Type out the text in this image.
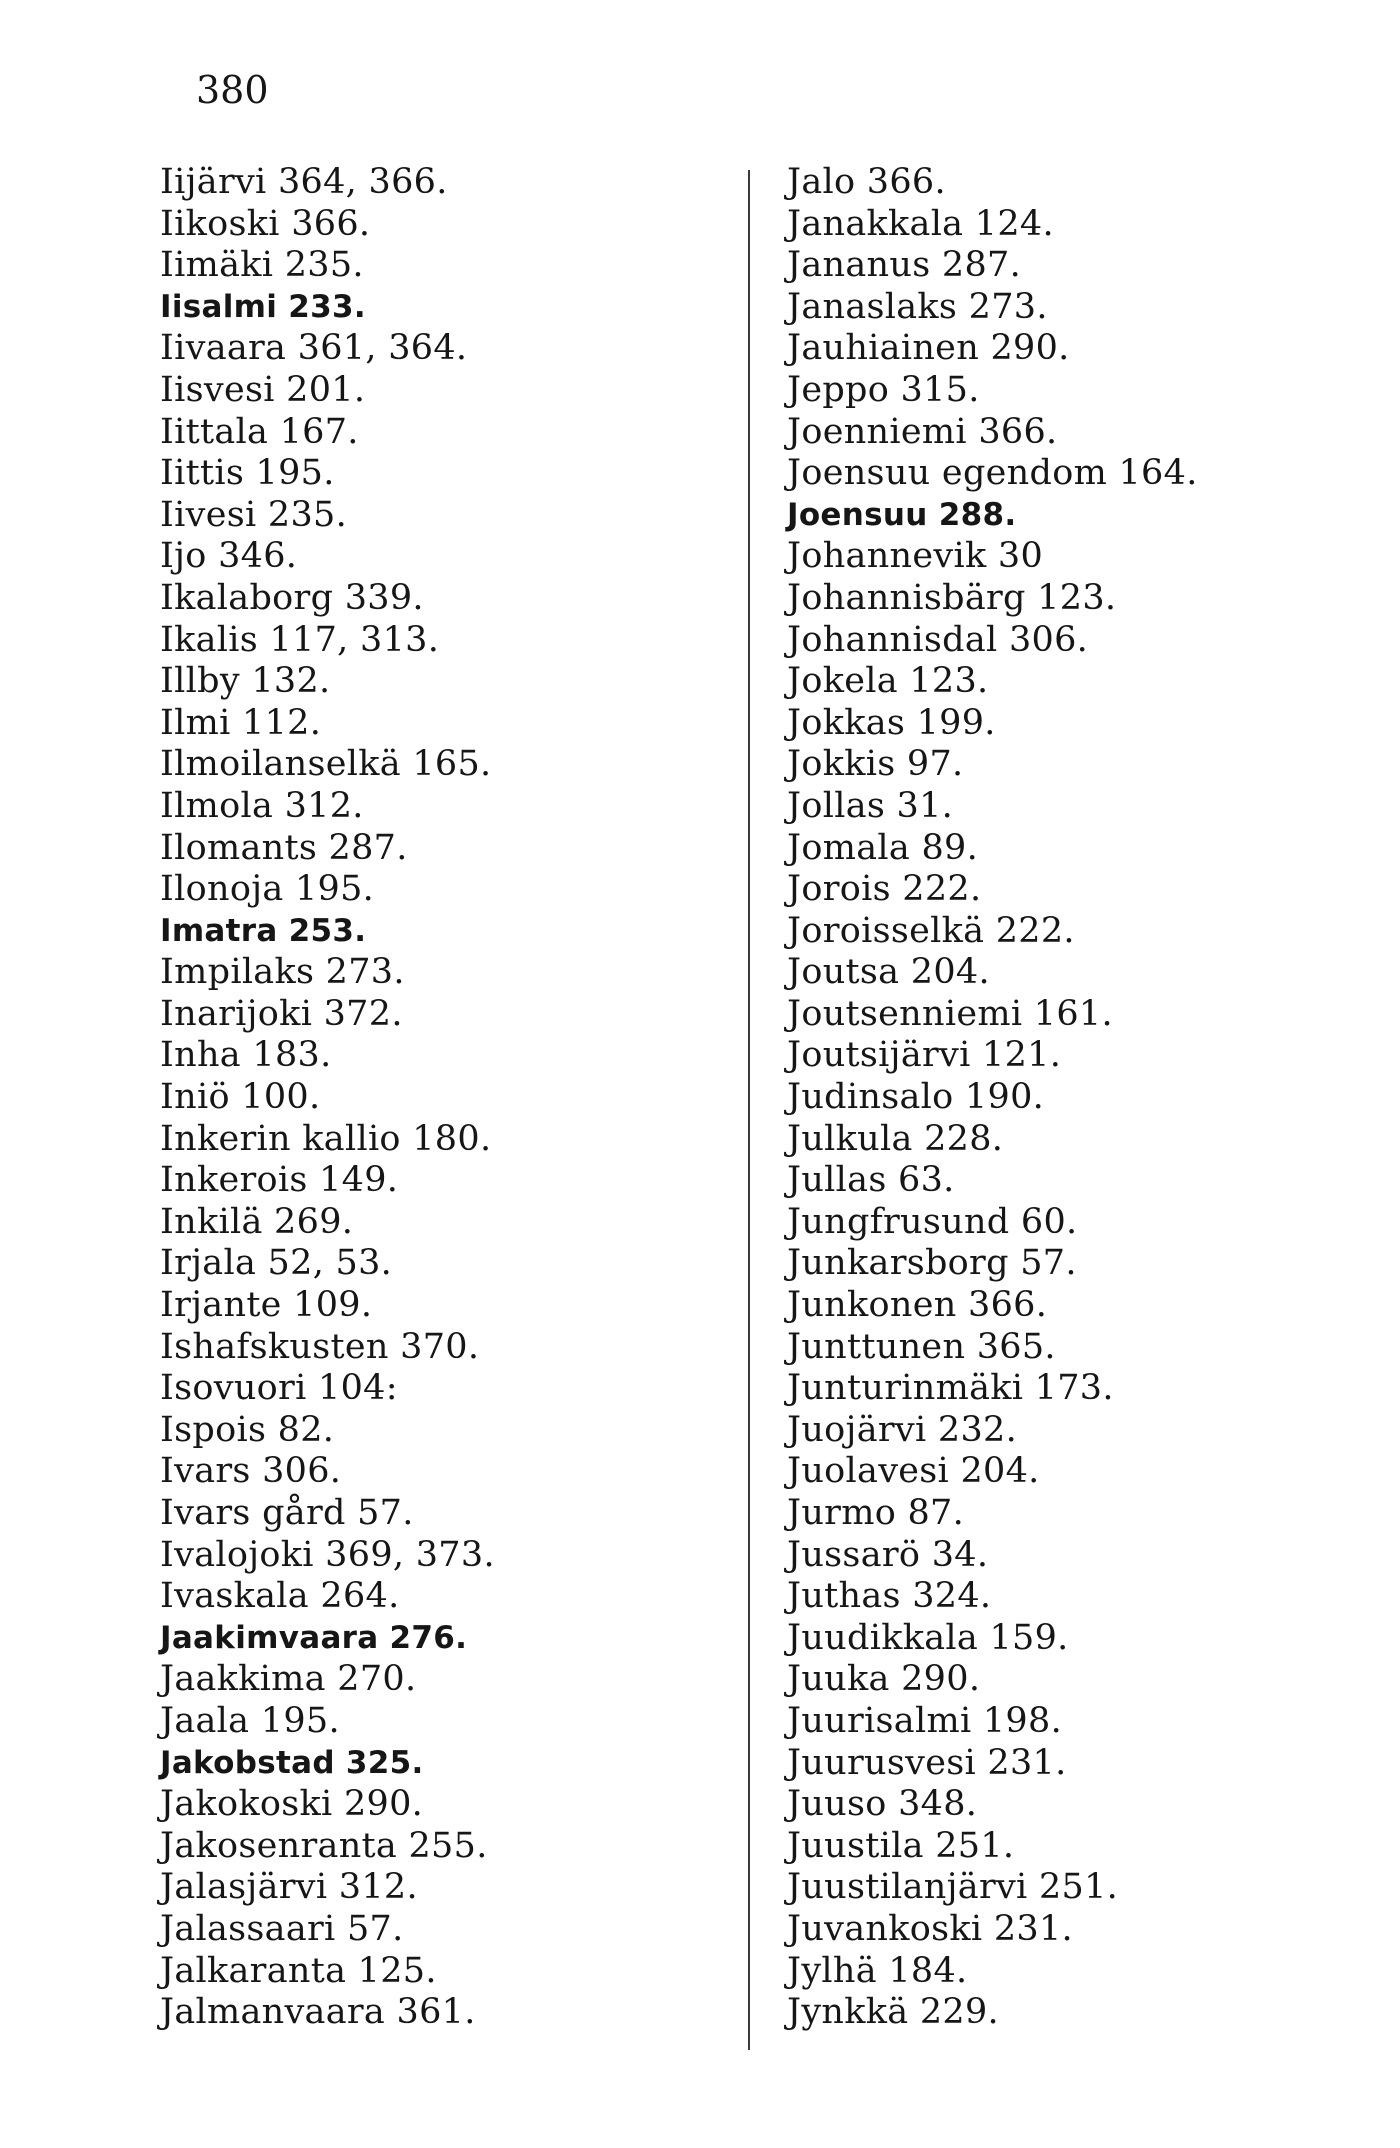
380
Iijärvi 364, 366.
Iikoski 366.
Iimäki 235.
Iisalmi 233.
Iivaara 361, 364.
Iisvesi 201.
Iittala 167.
Iittis 195.
Iivesi 235.
Ijo 346.
Ikalaborg 339.
Ikalis 117, 313.
Illby 132.
Ilmi 112.
Ilmoilanselkä 165.
Ilmola 312.
Ilomants 287.
Ilonoja 195.
Imatra 253.
Impilaks 273.
Inarijoki 372.
Inha 183.
Iniö 100.
Inkerin kallio 180.
Inkerois 149.
Inkilä 269.
Irjala 52, 53.
Irjante 109.
Ishafskusten 370.
Isovuori 104:
Ispois 82.
Ivars 306.
Ivars gård 57.
Ivalojoki 369, 373.
Ivaskala 264.
Jaakimvaara 276.
Jaakkima 270.
Jaala 195.
Jakobstad 325.
Jakokoski 290.
Jakosenranta 255.
Jalasjärvi 312.
Jalassaari 57.
Jalkaranta 125.
Jalmanvaara 361.
Jalo 366.
Janakkala 124.
Jananus 287.
Janaslaks 273.
Jauhiainen 290.
Jeppo 315.
Joenniemi 366.
Joensuu egendom 164.
Joensuu 288.
Johannevik 30
Johannisbärg 123.
Johannisdal 306.
Jokela 123.
Jokkas 199.
Jokkis 97.
Jollas 31.
Jomala 89.
Jorois 222.
Joroisselkä 222.
Joutsa 204.
Joutsenniemi 161.
Joutsijärvi 121.
Judinsalo 190.
Julkula 228.
Jullas 63.
Jungfrusund 60.
Junkarsborg 57.
Junkonen 366.
Junttunen 365.
Junturinmäki 173.
Juojärvi 232.
Juolavesi 204.
Jurmo 87.
Jussarö 34.
Juthas 324.
Juudikkala 159.
Juuka 290.
Juurisalmi 198.
Juurusvesi 231.
Juuso 348.
Juustila 251.
Juustilanjärvi 251.
Juvankoski 231.
Jylhä 184.
Jynkkä 229.
